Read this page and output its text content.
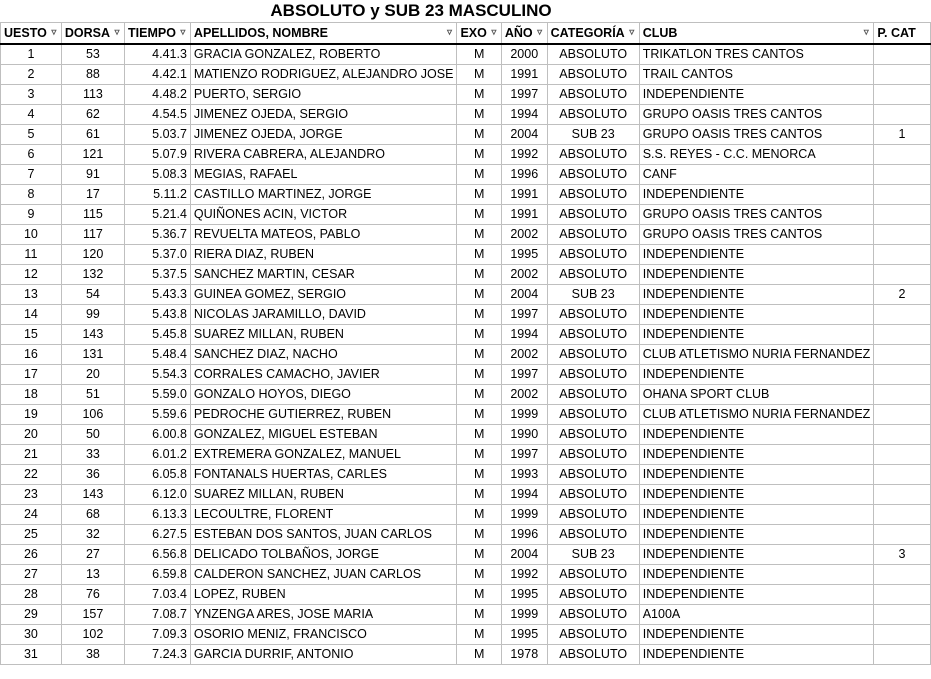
ABSOLUTO y SUB 23 MASCULINO
UESTO ▿	DORSA ▿	TIEMPO ▿	APELLIDOS, NOMBRE ▿	EXO ▿	AÑO ▿	CATEGORÍA ▿	CLUB ▿	P. CAT
1	53	4.41.3	GRACIA GONZALEZ, ROBERTO	M	2000	ABSOLUTO	TRIKATLON TRES CANTOS	
2	88	4.42.1	MATIENZO RODRIGUEZ, ALEJANDRO JOSE	M	1991	ABSOLUTO	TRAIL CANTOS	
3	113	4.48.2	PUERTO, SERGIO	M	1997	ABSOLUTO	INDEPENDIENTE	
4	62	4.54.5	JIMENEZ OJEDA, SERGIO	M	1994	ABSOLUTO	GRUPO OASIS TRES CANTOS	
5	61	5.03.7	JIMENEZ OJEDA, JORGE	M	2004	SUB 23	GRUPO OASIS TRES CANTOS	1
6	121	5.07.9	RIVERA CABRERA, ALEJANDRO	M	1992	ABSOLUTO	S.S. REYES - C.C. MENORCA	
7	91	5.08.3	MEGIAS, RAFAEL	M	1996	ABSOLUTO	CANF	
8	17	5.11.2	CASTILLO MARTINEZ, JORGE	M	1991	ABSOLUTO	INDEPENDIENTE	
9	115	5.21.4	QUIÑONES ACIN, VICTOR	M	1991	ABSOLUTO	GRUPO OASIS TRES CANTOS	
10	117	5.36.7	REVUELTA MATEOS, PABLO	M	2002	ABSOLUTO	GRUPO OASIS TRES CANTOS	
11	120	5.37.0	RIERA DIAZ, RUBEN	M	1995	ABSOLUTO	INDEPENDIENTE	
12	132	5.37.5	SANCHEZ MARTIN, CESAR	M	2002	ABSOLUTO	INDEPENDIENTE	
13	54	5.43.3	GUINEA GOMEZ, SERGIO	M	2004	SUB 23	INDEPENDIENTE	2
14	99	5.43.8	NICOLAS JARAMILLO, DAVID	M	1997	ABSOLUTO	INDEPENDIENTE	
15	143	5.45.8	SUAREZ MILLAN, RUBEN	M	1994	ABSOLUTO	INDEPENDIENTE	
16	131	5.48.4	SANCHEZ DIAZ, NACHO	M	2002	ABSOLUTO	CLUB ATLETISMO NURIA FERNANDEZ	
17	20	5.54.3	CORRALES CAMACHO, JAVIER	M	1997	ABSOLUTO	INDEPENDIENTE	
18	51	5.59.0	GONZALO HOYOS, DIEGO	M	2002	ABSOLUTO	OHANA SPORT CLUB	
19	106	5.59.6	PEDROCHE GUTIERREZ, RUBEN	M	1999	ABSOLUTO	CLUB ATLETISMO NURIA FERNANDEZ	
20	50	6.00.8	GONZALEZ, MIGUEL ESTEBAN	M	1990	ABSOLUTO	INDEPENDIENTE	
21	33	6.01.2	EXTREMERA GONZALEZ, MANUEL	M	1997	ABSOLUTO	INDEPENDIENTE	
22	36	6.05.8	FONTANALS HUERTAS, CARLES	M	1993	ABSOLUTO	INDEPENDIENTE	
23	143	6.12.0	SUAREZ MILLAN, RUBEN	M	1994	ABSOLUTO	INDEPENDIENTE	
24	68	6.13.3	LECOULTRE, FLORENT	M	1999	ABSOLUTO	INDEPENDIENTE	
25	32	6.27.5	ESTEBAN DOS SANTOS, JUAN CARLOS	M	1996	ABSOLUTO	INDEPENDIENTE	
26	27	6.56.8	DELICADO TOLBAÑOS, JORGE	M	2004	SUB 23	INDEPENDIENTE	3
27	13	6.59.8	CALDERON SANCHEZ, JUAN CARLOS	M	1992	ABSOLUTO	INDEPENDIENTE	
28	76	7.03.4	LOPEZ, RUBEN	M	1995	ABSOLUTO	INDEPENDIENTE	
29	157	7.08.7	YNZENGA ARES, JOSE MARIA	M	1999	ABSOLUTO	A100A	
30	102	7.09.3	OSORIO MENIZ, FRANCISCO	M	1995	ABSOLUTO	INDEPENDIENTE	
31	38	7.24.3	GARCIA DURRIF, ANTONIO	M	1978	ABSOLUTO	INDEPENDIENTE	
